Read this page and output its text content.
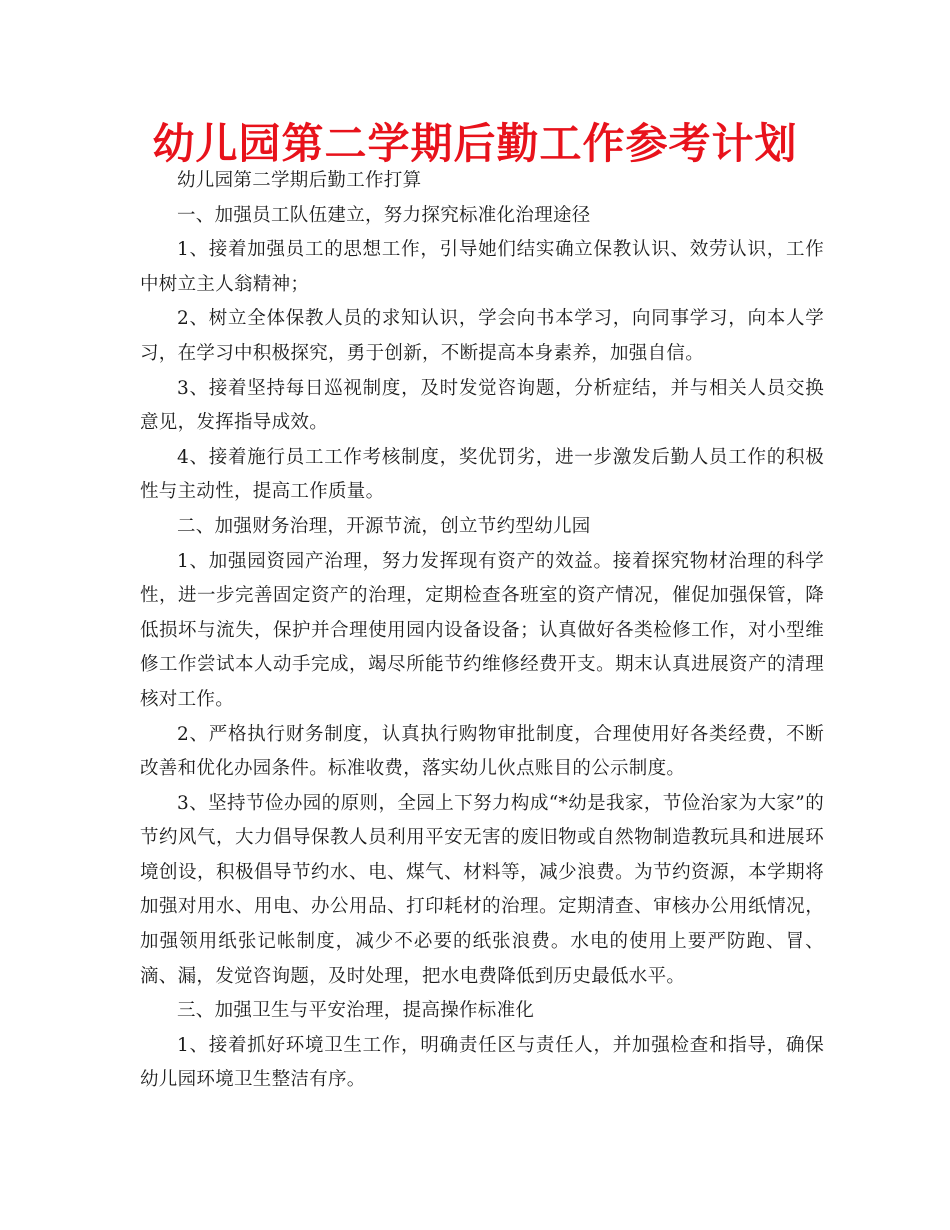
幼儿园第二学期后勤工作参考计划

幼儿园第二学期后勤工作打算

一、加强员工队伍建立，努力探究标准化治理途径

1、接着加强员工的思想工作，引导她们结实确立保教认识、效劳认识，工作中树立主人翁精神；

2、树立全体保教人员的求知认识，学会向书本学习，向同事学习，向本人学习，在学习中积极探究，勇于创新，不断提高本身素养，加强自信。

3、接着坚持每日巡视制度，及时发觉咨询题，分析症结，并与相关人员交换意见，发挥指导成效。

4、接着施行员工工作考核制度，奖优罚劣，进一步激发后勤人员工作的积极性与主动性，提高工作质量。

二、加强财务治理，开源节流，创立节约型幼儿园

1、加强园资园产治理，努力发挥现有资产的效益。接着探究物材治理的科学性，进一步完善固定资产的治理，定期检查各班室的资产情况，催促加强保管，降低损坏与流失，保护并合理使用园内设备设备；认真做好各类检修工作，对小型维修工作尝试本人动手完成，竭尽所能节约维修经费开支。期末认真进展资产的清理核对工作。

2、严格执行财务制度，认真执行购物审批制度，合理使用好各类经费，不断改善和优化办园条件。标准收费，落实幼儿伙点账目的公示制度。

3、坚持节俭办园的原则，全园上下努力构成“*幼是我家，节俭治家为大家”的节约风气，大力倡导保教人员利用平安无害的废旧物或自然物制造教玩具和进展环境创设，积极倡导节约水、电、煤气、材料等，减少浪费。为节约资源，本学期将加强对用水、用电、办公用品、打印耗材的治理。定期清查、审核办公用纸情况，加强领用纸张记帐制度，减少不必要的纸张浪费。水电的使用上要严防跑、冒、滴、漏，发觉咨询题，及时处理，把水电费降低到历史最低水平。

三、加强卫生与平安治理，提高操作标准化

1、接着抓好环境卫生工作，明确责任区与责任人，并加强检查和指导，确保幼儿园环境卫生整洁有序。
